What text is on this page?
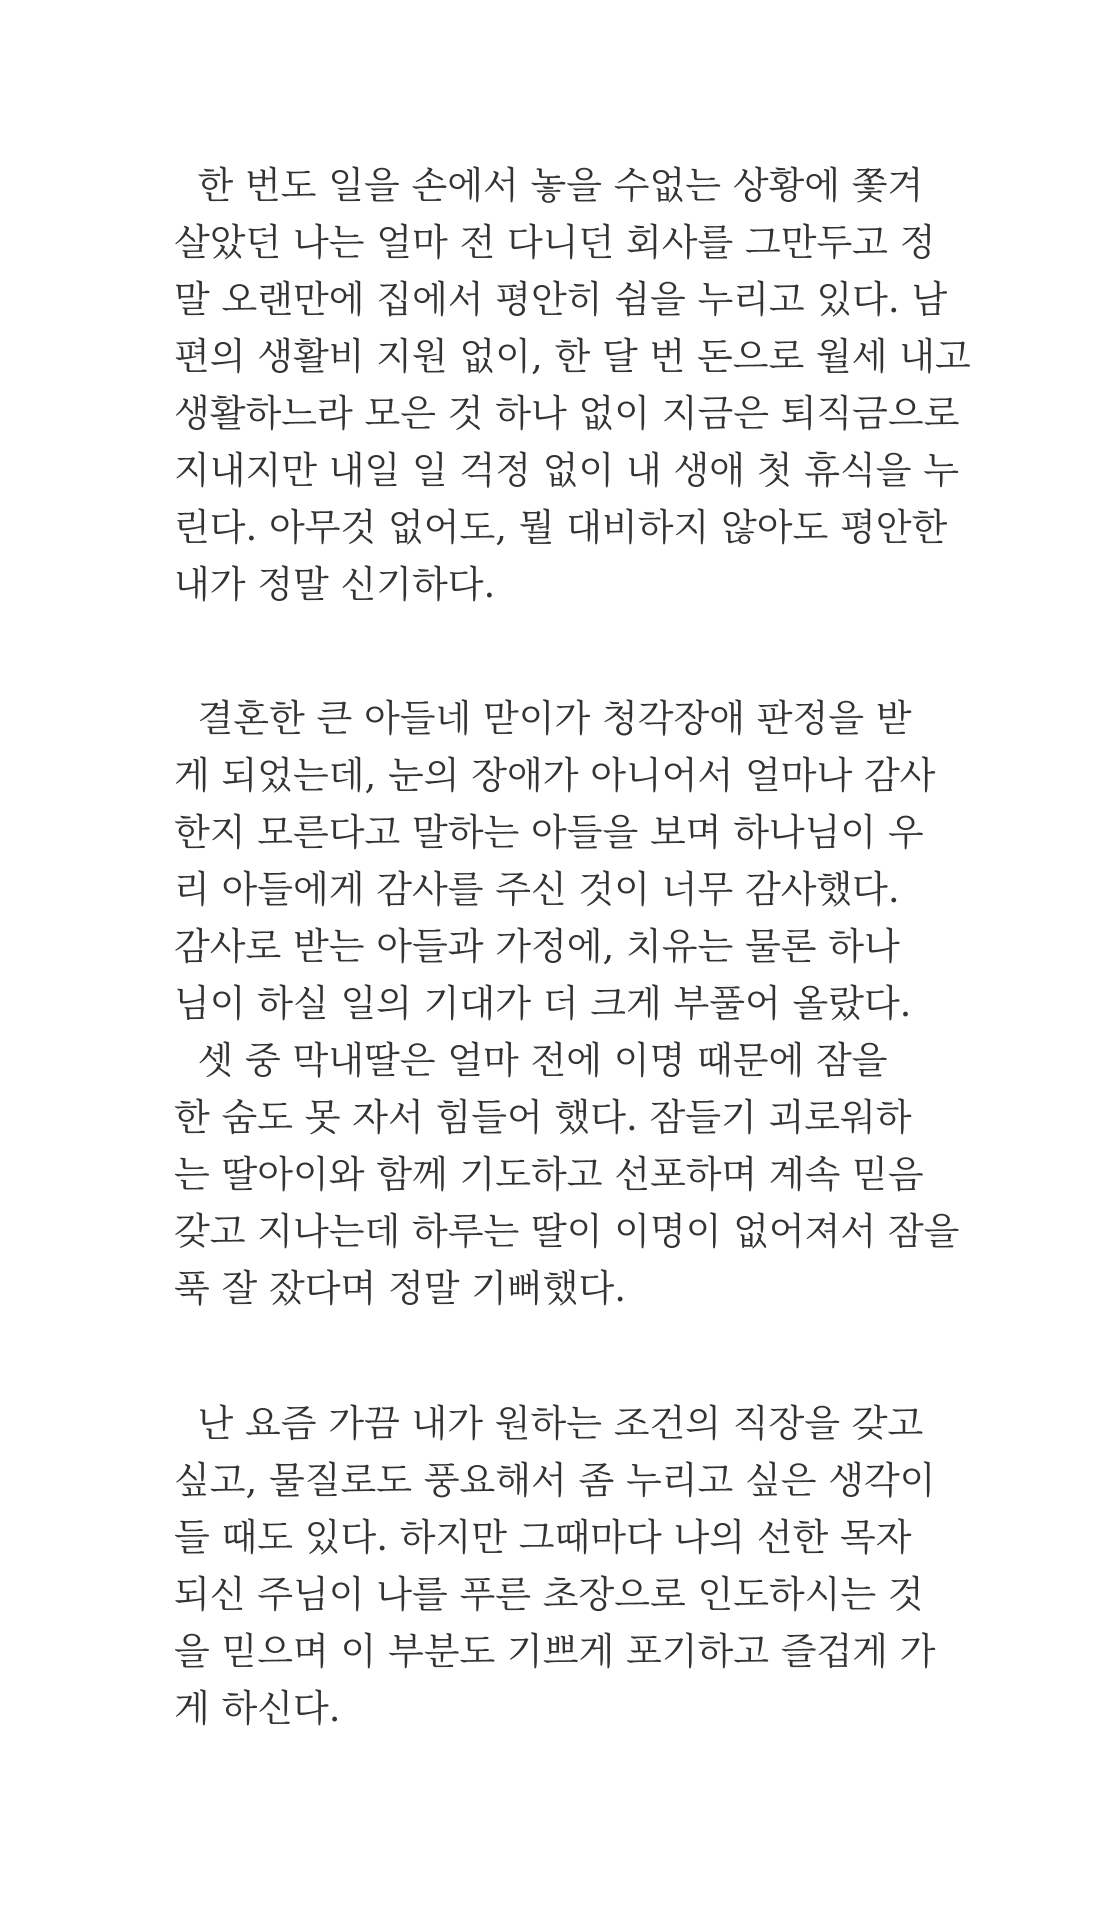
한 번도 일을 손에서 놓을 수없는 상황에 쫓겨
살았던 나는 얼마 전 다니던 회사를 그만두고 정
말 오랜만에 집에서 평안히 쉼을 누리고 있다. 남
편의 생활비 지원 없이, 한 달 번 돈으로 월세 내고
생활하느라 모은 것 하나 없이 지금은 퇴직금으로
지내지만 내일 일 걱정 없이 내 생애 첫 휴식을 누
린다. 아무것 없어도, 뭘 대비하지 않아도 평안한
내가 정말 신기하다.
결혼한 큰 아들네 맏이가 청각장애 판정을 받
게 되었는데, 눈의 장애가 아니어서 얼마나 감사
한지 모른다고 말하는 아들을 보며 하나님이 우
리 아들에게 감사를 주신 것이 너무 감사했다.
감사로 받는 아들과 가정에, 치유는 물론 하나
님이 하실 일의 기대가 더 크게 부풀어 올랐다.
셋 중 막내딸은 얼마 전에 이명 때문에 잠을
한 숨도 못 자서 힘들어 했다. 잠들기 괴로워하
는 딸아이와 함께 기도하고 선포하며 계속 믿음
갖고 지나는데 하루는 딸이 이명이 없어져서 잠을
푹 잘 잤다며 정말 기뻐했다.
난 요즘 가끔 내가 원하는 조건의 직장을 갖고
싶고, 물질로도 풍요해서 좀 누리고 싶은 생각이
들 때도 있다. 하지만 그때마다 나의 선한 목자
되신 주님이 나를 푸른 초장으로 인도하시는 것
을 믿으며 이 부분도 기쁘게 포기하고 즐겁게 가
게 하신다.
